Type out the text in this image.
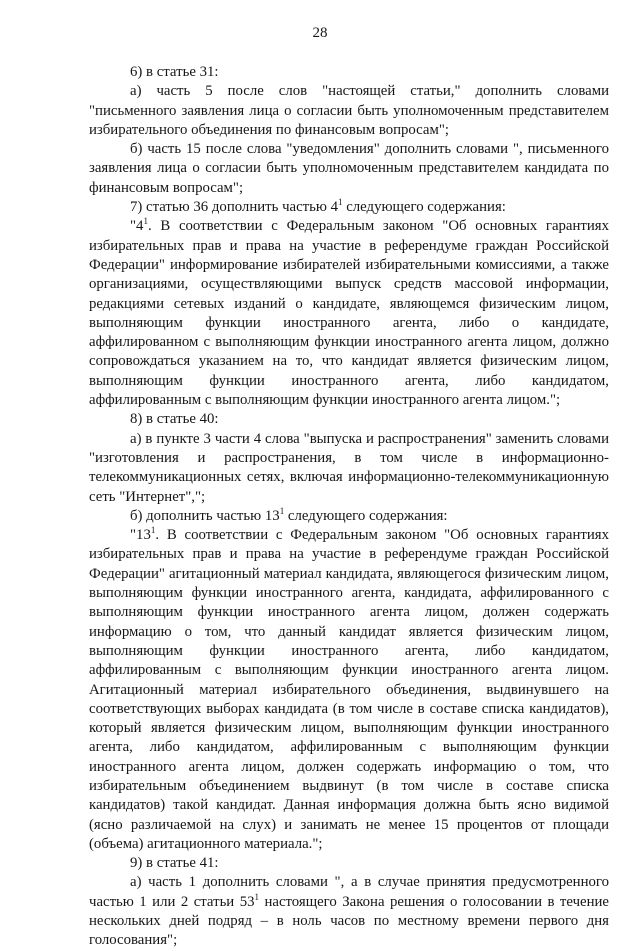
28

6) в статье 31:

а) часть 5 после слов "настоящей статьи," дополнить словами "письменного заявления лица о согласии быть уполномоченным представителем избирательного объединения по финансовым вопросам";

б) часть 15 после слова "уведомления" дополнить словами ", письменного заявления лица о согласии быть уполномоченным представителем кандидата по финансовым вопросам";

7) статью 36 дополнить частью $4^1$ следующего содержания:

"$4^1$. В соответствии с Федеральным законом "Об основных гарантиях избирательных прав и права на участие в референдуме граждан Российской Федерации" информирование избирателей избирательными комиссиями, а также организациями, осуществляющими выпуск средств массовой информации, редакциями сетевых изданий о кандидате, являющемся физическим лицом, выполняющим функции иностранного агента, либо о кандидате, аффилированном с выполняющим функции иностранного агента лицом, должно сопровождаться указанием на то, что кандидат является физическим лицом, выполняющим функции иностранного агента, либо кандидатом, аффилированным с выполняющим функции иностранного агента лицом.";

8) в статье 40:

а) в пункте 3 части 4 слова "выпуска и распространения" заменить словами "изготовления и распространения, в том числе в информационно-телекоммуникационных сетях, включая информационно-телекоммуникационную сеть "Интернет",";

б) дополнить частью $13^1$ следующего содержания:

"$13^1$. В соответствии с Федеральным законом "Об основных гарантиях избирательных прав и права на участие в референдуме граждан Российской Федерации" агитационный материал кандидата, являющегося физическим лицом, выполняющим функции иностранного агента, кандидата, аффилированного с выполняющим функции иностранного агента лицом, должен содержать информацию о том, что данный кандидат является физическим лицом, выполняющим функции иностранного агента, либо кандидатом, аффилированным с выполняющим функции иностранного агента лицом. Агитационный материал избирательного объединения, выдвинувшего на соответствующих выборах кандидата (в том числе в составе списка кандидатов), который является физическим лицом, выполняющим функции иностранного агента, либо кандидатом, аффилированным с выполняющим функции иностранного агента лицом, должен содержать информацию о том, что избирательным объединением выдвинут (в том числе в составе списка кандидатов) такой кандидат. Данная информация должна быть ясно видимой (ясно различаемой на слух) и занимать не менее 15 процентов от площади (объема) агитационного материала.";

9) в статье 41:

а) часть 1 дополнить словами ", а в случае принятия предусмотренного частью 1 или 2 статьи $53^1$ настоящего Закона решения о голосовании в течение нескольких дней подряд – в ноль часов по местному времени первого дня голосования";
